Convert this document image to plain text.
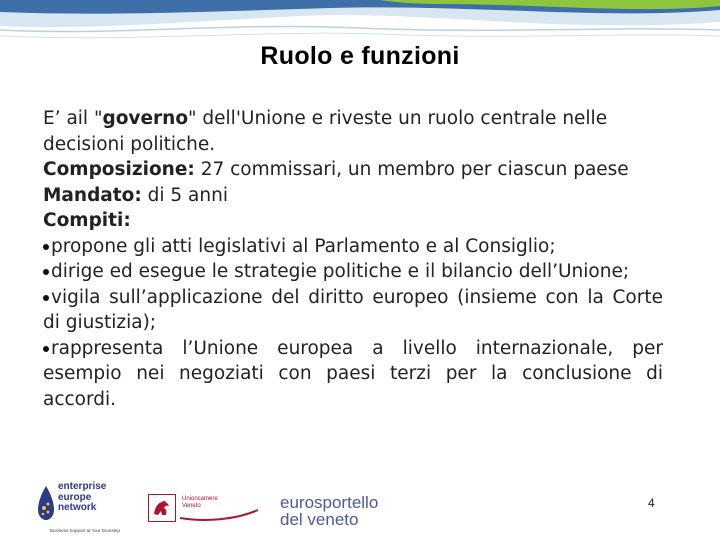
Ruolo e funzioni

E’ ail "governo" dell'Unione e riveste un ruolo centrale nelle decisioni politiche.

Composizione: 27 commissari, un membro per ciascun paese

Mandato: di 5 anni

Compiti:

propone gli atti legislativi al Parlamento e al Consiglio;

dirige ed esegue le strategie politiche e il bilancio dell’Unione;

vigila sull’applicazione del diritto europeo (insieme con la Corte di giustizia);

rappresenta l’Unione europea a livello internazionale, per esempio nei negoziati con paesi terzi per la conclusione di accordi.

enterprise
europe
network
Business Support at Your Doorstep
Unioncamere
Veneto	eurosportello
del veneto
4
